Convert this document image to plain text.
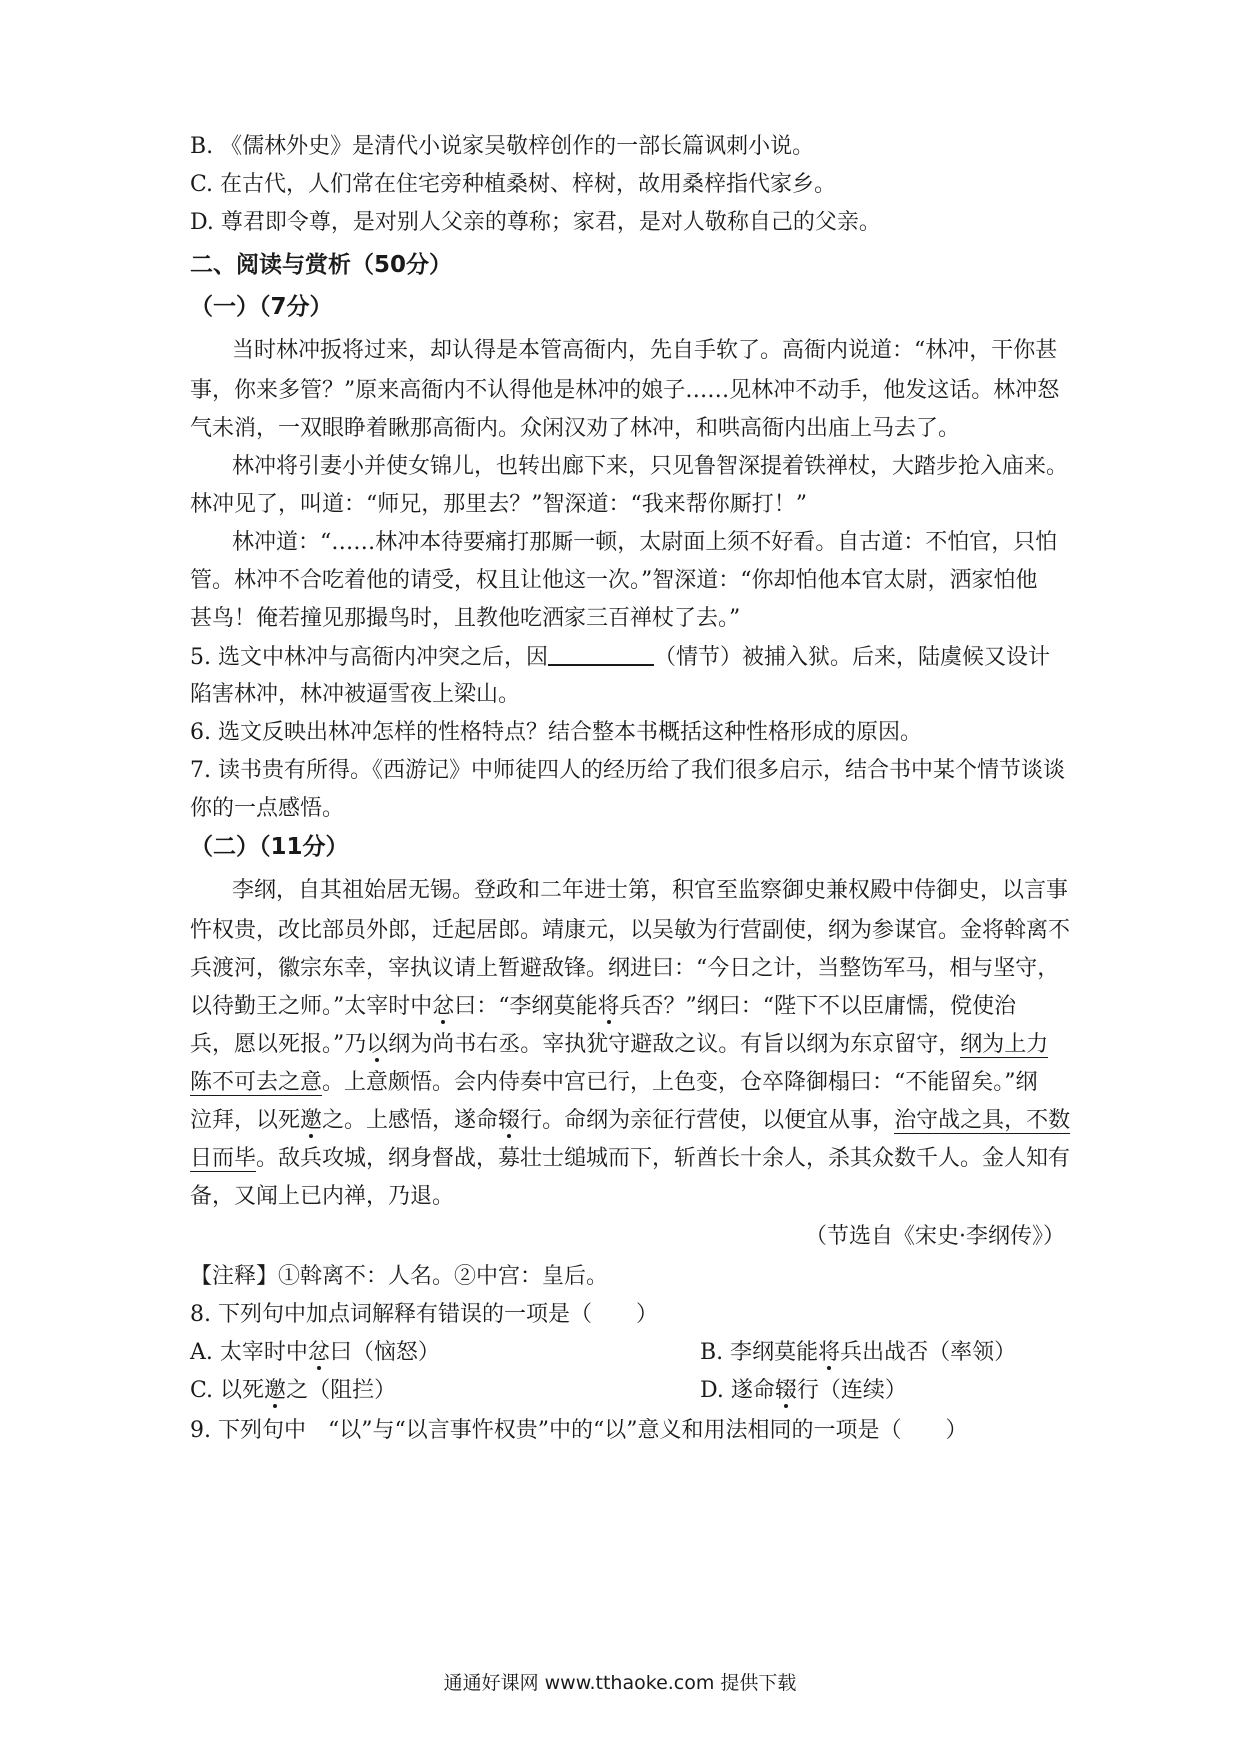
B. 《儒林外史》是清代小说家吴敬梓创作的一部长篇讽刺小说。
C. 在古代，人们常在住宅旁种植桑树、梓树，故用桑梓指代家乡。
D. 尊君即令尊，是对别人父亲的尊称；家君，是对人敬称自己的父亲。
二、阅读与赏析（50分）
（一）（7分）
当时林冲扳将过来，却认得是本管高衙内，先自手软了。高衙内说道：“林冲，干你甚
事，你来多管？”原来高衙内不认得他是林冲的娘子……见林冲不动手，他发这话。林冲怒
气未消，一双眼睁着瞅那高衙内。众闲汉劝了林冲，和哄高衙内出庙上马去了。
林冲将引妻小并使女锦儿，也转出廊下来，只见鲁智深提着铁禅杖，大踏步抢入庙来。
林冲见了，叫道：“师兄，那里去？”智深道：“我来帮你厮打！”
林冲道：“……林冲本待要痛打那厮一顿，太尉面上须不好看。自古道：不怕官，只怕
管。林冲不合吃着他的请受，权且让他这一次。”智深道：“你却怕他本官太尉，洒家怕他
甚鸟！俺若撞见那撮鸟时，且教他吃洒家三百禅杖了去。”
5. 选文中林冲与高衙内冲突之后，因	（情节）被捕入狱。后来，陆虞候又设计
陷害林冲，林冲被逼雪夜上梁山。
6. 选文反映出林冲怎样的性格特点？结合整本书概括这种性格形成的原因。
7. 读书贵有所得。《西游记》中师徒四人的经历给了我们很多启示，结合书中某个情节谈谈
你的一点感悟。
（二）（11分）
李纲，自其祖始居无锡。登政和二年进士第，积官至监察御史兼权殿中侍御史，以言事
忤权贵，改比部员外郎，迁起居郎。靖康元，以吴敏为行营副使，纲为参谋官。金将斡离不
兵渡河，徽宗东幸，宰执议请上暂避敌锋。纲进曰：“今日之计，当整饬军马，相与坚守，
以待勤王之师。”太宰时中忿曰：“李纲莫能将兵否？”纲曰：“陛下不以臣庸懦，傥使治
兵，愿以死报。”乃以纲为尚书右丞。宰执犹守避敌之议。有旨以纲为东京留守，纲为上力
陈不可去之意。上意颇悟。会内侍奏中宫已行，上色变，仓卒降御榻曰：“不能留矣。”纲
泣拜，以死邀之。上感悟，遂命辍行。命纲为亲征行营使，以便宜从事，治守战之具，不数
日而毕。敌兵攻城，纲身督战，募壮士缒城而下，斩酋长十余人，杀其众数千人。金人知有
备，又闻上已内禅，乃退。
（节选自《宋史·李纲传》）
【注释】①斡离不：人名。②中宫：皇后。
8. 下列句中加点词解释有错误的一项是（　　）
A. 太宰时中忿曰（恼怒）	B. 李纲莫能将兵出战否（率领）
C. 以死邀之（阻拦）	D. 遂命辍行（连续）
9. 下列句中　“以”与“以言事忤权贵”中的“以”意义和用法相同的一项是（　　）
通通好课网 www.tthaoke.com 提供下载
